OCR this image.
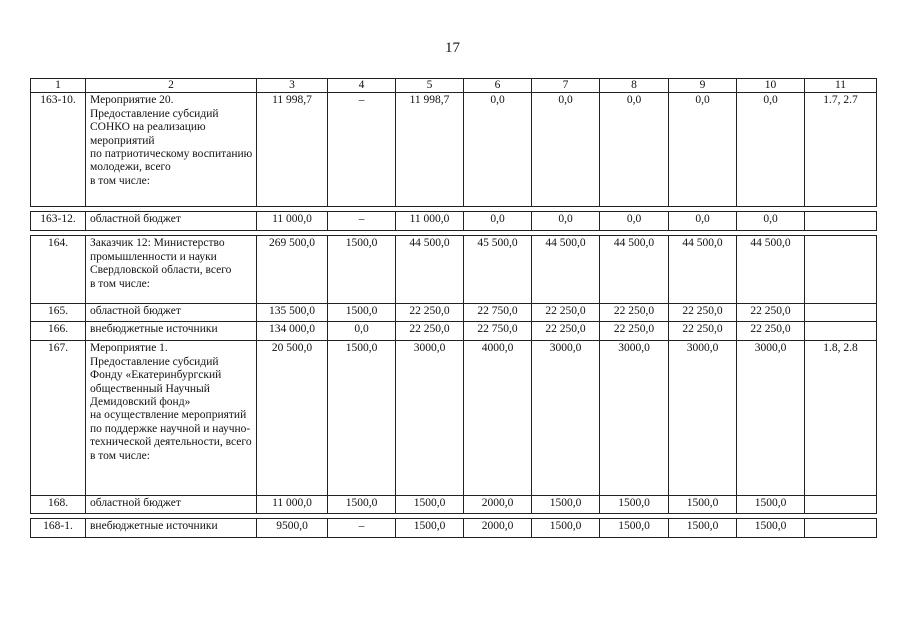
17
1	2	3	4	5	6	7	8	9	10	11
163-10.	Мероприятие 20.
Предоставление субсидий СОНКО на реализацию мероприятий
по патриотическому воспитанию молодежи, всего
в том числе:	11 998,7	–	11 998,7	0,0	0,0	0,0	0,0	0,0	1.7, 2.7

163-12.	областной бюджет	11 000,0	–	11 000,0	0,0	0,0	0,0	0,0	0,0	

164.	Заказчик 12: Министерство промышленности и науки Свердловской области, всего
в том числе:	269 500,0	1500,0	44 500,0	45 500,0	44 500,0	44 500,0	44 500,0	44 500,0	
165.	областной бюджет	135 500,0	1500,0	22 250,0	22 750,0	22 250,0	22 250,0	22 250,0	22 250,0	
166.	внебюджетные источники	134 000,0	0,0	22 250,0	22 750,0	22 250,0	22 250,0	22 250,0	22 250,0	
167.	Мероприятие 1.
Предоставление субсидий Фонду «Екатеринбургский общественный Научный Демидовский фонд»
на осуществление мероприятий по поддержке научной и научно-технической деятельности, всего
в том числе:	20 500,0	1500,0	3000,0	4000,0	3000,0	3000,0	3000,0	3000,0	1.8, 2.8
168.	областной бюджет	11 000,0	1500,0	1500,0	2000,0	1500,0	1500,0	1500,0	1500,0	

168-1.	внебюджетные источники	9500,0	–	1500,0	2000,0	1500,0	1500,0	1500,0	1500,0	
